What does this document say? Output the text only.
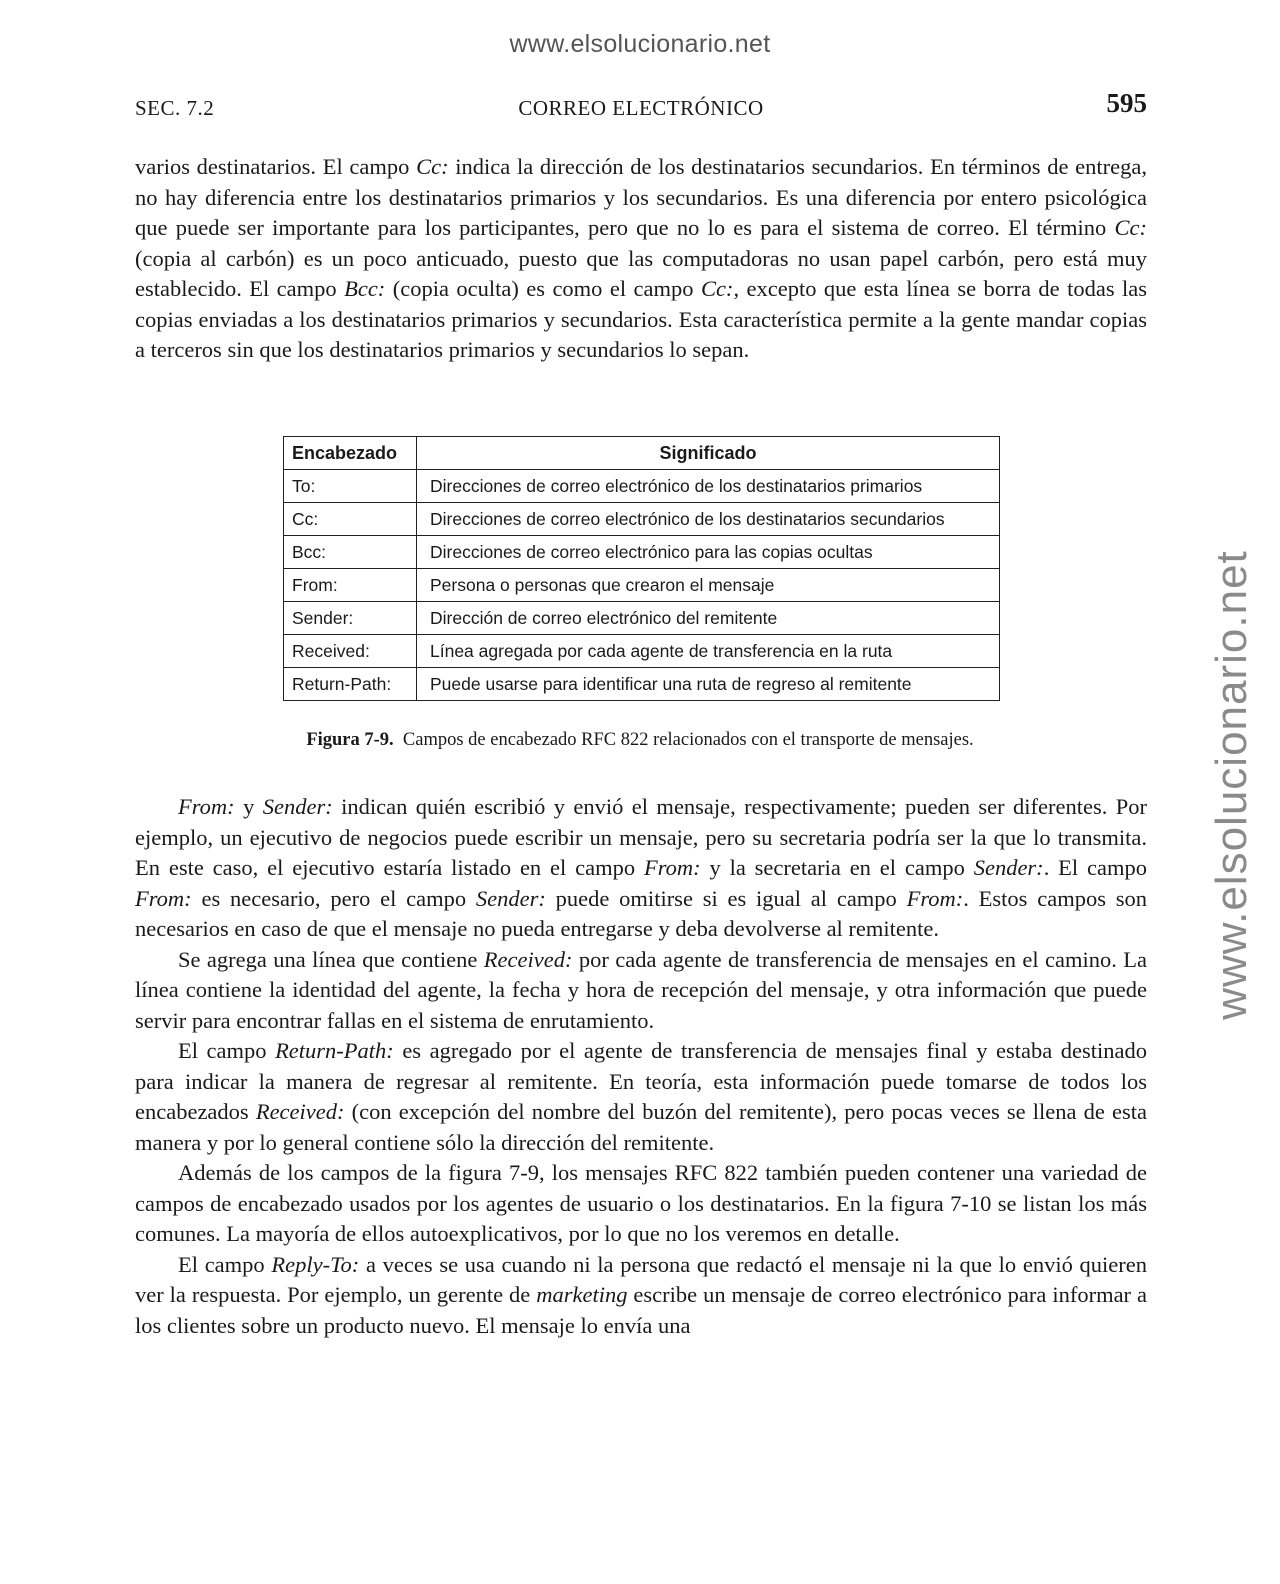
www.elsolucionario.net
www.elsolucionario.net
SEC. 7.2	CORREO ELECTRÓNICO	595

varios destinatarios. El campo Cc: indica la dirección de los destinatarios secundarios. En términos de entrega, no hay diferencia entre los destinatarios primarios y los secundarios. Es una diferencia por entero psicológica que puede ser importante para los participantes, pero que no lo es para el sistema de correo. El término Cc: (copia al carbón) es un poco anticuado, puesto que las computadoras no usan papel carbón, pero está muy establecido. El campo Bcc: (copia oculta) es como el campo Cc:, excepto que esta línea se borra de todas las copias enviadas a los destinatarios primarios y secundarios. Esta característica permite a la gente mandar copias a terceros sin que los destinatarios primarios y secundarios lo sepan.

Encabezado	Significado
To:	Direcciones de correo electrónico de los destinatarios primarios
Cc:	Direcciones de correo electrónico de los destinatarios secundarios
Bcc:	Direcciones de correo electrónico para las copias ocultas
From:	Persona o personas que crearon el mensaje
Sender:	Dirección de correo electrónico del remitente
Received:	Línea agregada por cada agente de transferencia en la ruta
Return-Path:	Puede usarse para identificar una ruta de regreso al remitente
Figura 7-9. Campos de encabezado RFC 822 relacionados con el transporte de mensajes.

From: y Sender: indican quién escribió y envió el mensaje, respectivamente; pueden ser diferentes. Por ejemplo, un ejecutivo de negocios puede escribir un mensaje, pero su secretaria podría ser la que lo transmita. En este caso, el ejecutivo estaría listado en el campo From: y la secretaria en el campo Sender:. El campo From: es necesario, pero el campo Sender: puede omitirse si es igual al campo From:. Estos campos son necesarios en caso de que el mensaje no pueda entregarse y deba devolverse al remitente.

Se agrega una línea que contiene Received: por cada agente de transferencia de mensajes en el camino. La línea contiene la identidad del agente, la fecha y hora de recepción del mensaje, y otra información que puede servir para encontrar fallas en el sistema de enrutamiento.

El campo Return-Path: es agregado por el agente de transferencia de mensajes final y estaba destinado para indicar la manera de regresar al remitente. En teoría, esta información puede tomarse de todos los encabezados Received: (con excepción del nombre del buzón del remitente), pero pocas veces se llena de esta manera y por lo general contiene sólo la dirección del remitente.

Además de los campos de la figura 7-9, los mensajes RFC 822 también pueden contener una variedad de campos de encabezado usados por los agentes de usuario o los destinatarios. En la figura 7-10 se listan los más comunes. La mayoría de ellos autoexplicativos, por lo que no los veremos en detalle.

El campo Reply-To: a veces se usa cuando ni la persona que redactó el mensaje ni la que lo envió quieren ver la respuesta. Por ejemplo, un gerente de marketing escribe un mensaje de correo electrónico para informar a los clientes sobre un producto nuevo. El mensaje lo envía una
